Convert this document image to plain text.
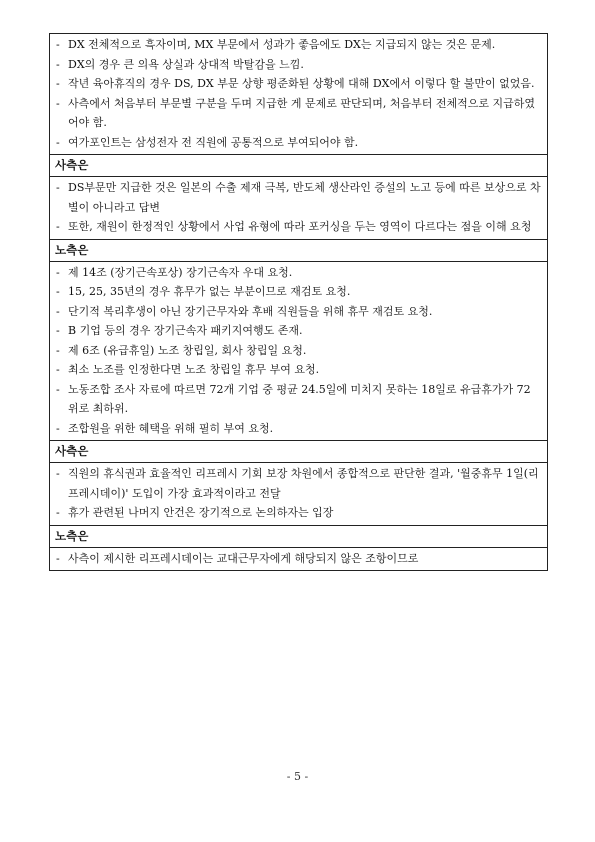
- DX 전체적으로 흑자이며, MX 부문에서 성과가 좋음에도 DX는 지급되지 않는 것은 문제.
- DX의 경우 큰 의욕 상실과 상대적 박탈감을 느낌.
- 작년 육아휴직의 경우 DS, DX 부문 상향 평준화된 상황에 대해 DX에서 이렇다 할 불만이 없었음.
- 사측에서 처음부터 부문별 구분을 두며 지급한 게 문제로 판단되며, 처음부터 전체적으로 지급하였어야 함.
- 여가포인트는 삼성전자 전 직원에 공통적으로 부여되어야 함.
사측은
- DS부문만 지급한 것은 일본의 수출 제재 극복, 반도체 생산라인 증설의 노고 등에 따른 보상으로 차별이 아니라고 답변
- 또한, 재원이 한정적인 상황에서 사업 유형에 따라 포커싱을 두는 영역이 다르다는 점을 이해 요청
노측은
- 제 14조 (장기근속포상) 장기근속자 우대 요청.
- 15, 25, 35년의 경우 휴무가 없는 부분이므로 재검토 요청.
- 단기적 복리후생이 아닌 장기근무자와 후배 직원들을 위해 휴무 재검토 요청.
- B 기업 등의 경우 장기근속자 패키지여행도 존재.
- 제 6조 (유급휴일) 노조 창립일, 회사 창립일 요청.
- 최소 노조를 인정한다면 노조 창립일 휴무 부여 요청.
- 노동조합 조사 자료에 따르면 72개 기업 중 평균 24.5일에 미치지 못하는 18일로 유급휴가가 72위로 최하위.
- 조합원을 위한 혜택을 위해 필히 부여 요청.
사측은
- 직원의 휴식권과 효율적인 리프레시 기회 보장 차원에서 종합적으로 판단한 결과, '월중휴무 1일(리프레시데이)' 도입이 가장 효과적이라고 전달
- 휴가 관련된 나머지 안건은 장기적으로 논의하자는 입장
노측은
- 사측이 제시한 리프레시데이는 교대근무자에게 해당되지 않은 조항이므로
- 5 -
